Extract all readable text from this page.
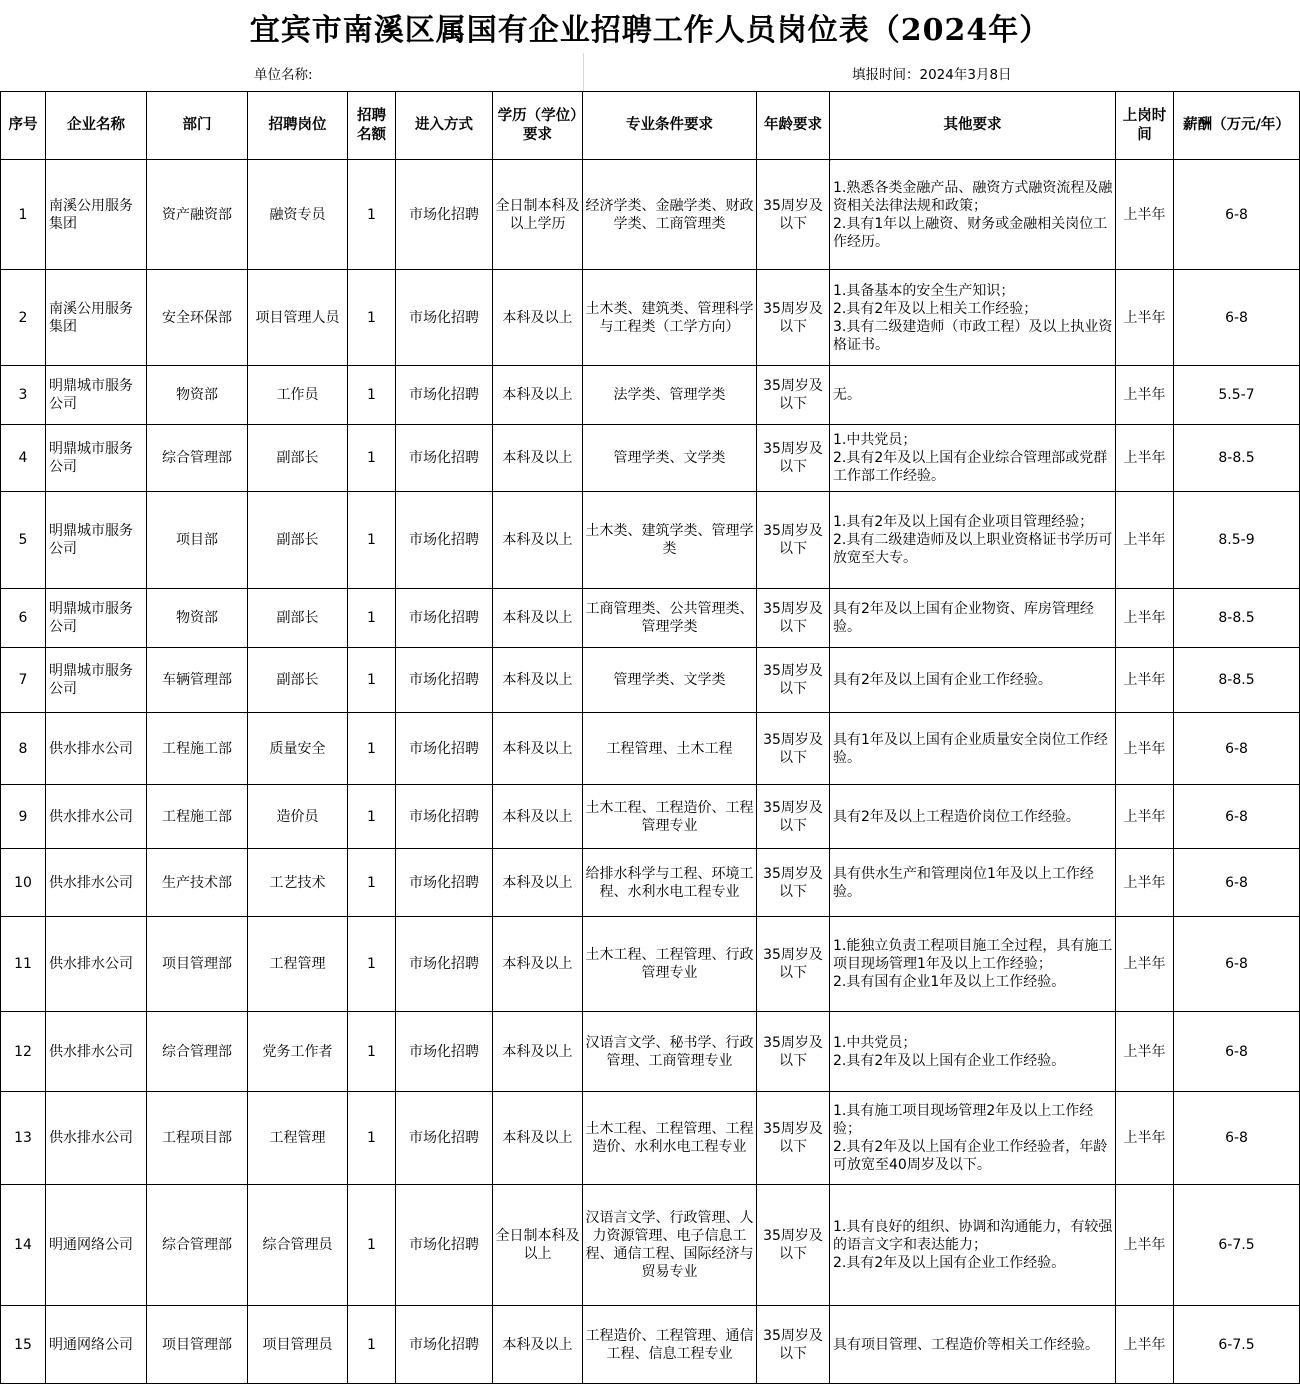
宜宾市南溪区属国有企业招聘工作人员岗位表（2024年）
单位名称:	填报时间：2024年3月8日
序号	企业名称	部门	招聘岗位	招聘名额	进入方式	学历（学位）要求	专业条件要求	年龄要求	其他要求	上岗时间	薪酬（万元/年）
1	南溪公用服务集团	资产融资部	融资专员	1	市场化招聘	全日制本科及以上学历	经济学类、金融学类、财政学类、工商管理类	35周岁及以下	1.熟悉各类金融产品、融资方式融资流程及融资相关法律法规和政策；
2.具有1年以上融资、财务或金融相关岗位工作经历。	上半年	6-8
2	南溪公用服务集团	安全环保部	项目管理人员	1	市场化招聘	本科及以上	土木类、建筑类、管理科学与工程类（工学方向）	35周岁及以下	1.具备基本的安全生产知识；
2.具有2年及以上相关工作经验；
3.具有二级建造师（市政工程）及以上执业资格证书。	上半年	6-8
3	明鼎城市服务公司	物资部	工作员	1	市场化招聘	本科及以上	法学类、管理学类	35周岁及以下	无。	上半年	5.5-7
4	明鼎城市服务公司	综合管理部	副部长	1	市场化招聘	本科及以上	管理学类、文学类	35周岁及以下	1.中共党员；
2.具有2年及以上国有企业综合管理部或党群工作部工作经验。	上半年	8-8.5
5	明鼎城市服务公司	项目部	副部长	1	市场化招聘	本科及以上	土木类、建筑学类、管理学类	35周岁及以下	1.具有2年及以上国有企业项目管理经验；
2.具有二级建造师及以上职业资格证书学历可放宽至大专。	上半年	8.5-9
6	明鼎城市服务公司	物资部	副部长	1	市场化招聘	本科及以上	工商管理类、公共管理类、管理学类	35周岁及以下	具有2年及以上国有企业物资、库房管理经验。	上半年	8-8.5
7	明鼎城市服务公司	车辆管理部	副部长	1	市场化招聘	本科及以上	管理学类、文学类	35周岁及以下	具有2年及以上国有企业工作经验。	上半年	8-8.5
8	供水排水公司	工程施工部	质量安全	1	市场化招聘	本科及以上	工程管理、土木工程	35周岁及以下	具有1年及以上国有企业质量安全岗位工作经验。	上半年	6-8
9	供水排水公司	工程施工部	造价员	1	市场化招聘	本科及以上	土木工程、工程造价、工程管理专业	35周岁及以下	具有2年及以上工程造价岗位工作经验。	上半年	6-8
10	供水排水公司	生产技术部	工艺技术	1	市场化招聘	本科及以上	给排水科学与工程、环境工程、水利水电工程专业	35周岁及以下	具有供水生产和管理岗位1年及以上工作经验。	上半年	6-8
11	供水排水公司	项目管理部	工程管理	1	市场化招聘	本科及以上	土木工程、工程管理、行政管理专业	35周岁及以下	1.能独立负责工程项目施工全过程，具有施工项目现场管理1年及以上工作经验；
2.具有国有企业1年及以上工作经验。	上半年	6-8
12	供水排水公司	综合管理部	党务工作者	1	市场化招聘	本科及以上	汉语言文学、秘书学、行政管理、工商管理专业	35周岁及以下	1.中共党员；
2.具有2年及以上国有企业工作经验。	上半年	6-8
13	供水排水公司	工程项目部	工程管理	1	市场化招聘	本科及以上	土木工程、工程管理、工程造价、水利水电工程专业	35周岁及以下	1.具有施工项目现场管理2年及以上工作经验；
2.具有2年及以上国有企业工作经验者，年龄可放宽至40周岁及以下。	上半年	6-8
14	明通网络公司	综合管理部	综合管理员	1	市场化招聘	全日制本科及以上	汉语言文学、行政管理、人力资源管理、电子信息工程、通信工程、国际经济与贸易专业	35周岁及以下	1.具有良好的组织、协调和沟通能力，有较强的语言文字和表达能力；
2.具有2年及以上国有企业工作经验。	上半年	6-7.5
15	明通网络公司	项目管理部	项目管理员	1	市场化招聘	本科及以上	工程造价、工程管理、通信工程、信息工程专业	35周岁及以下	具有项目管理、工程造价等相关工作经验。	上半年	6-7.5
